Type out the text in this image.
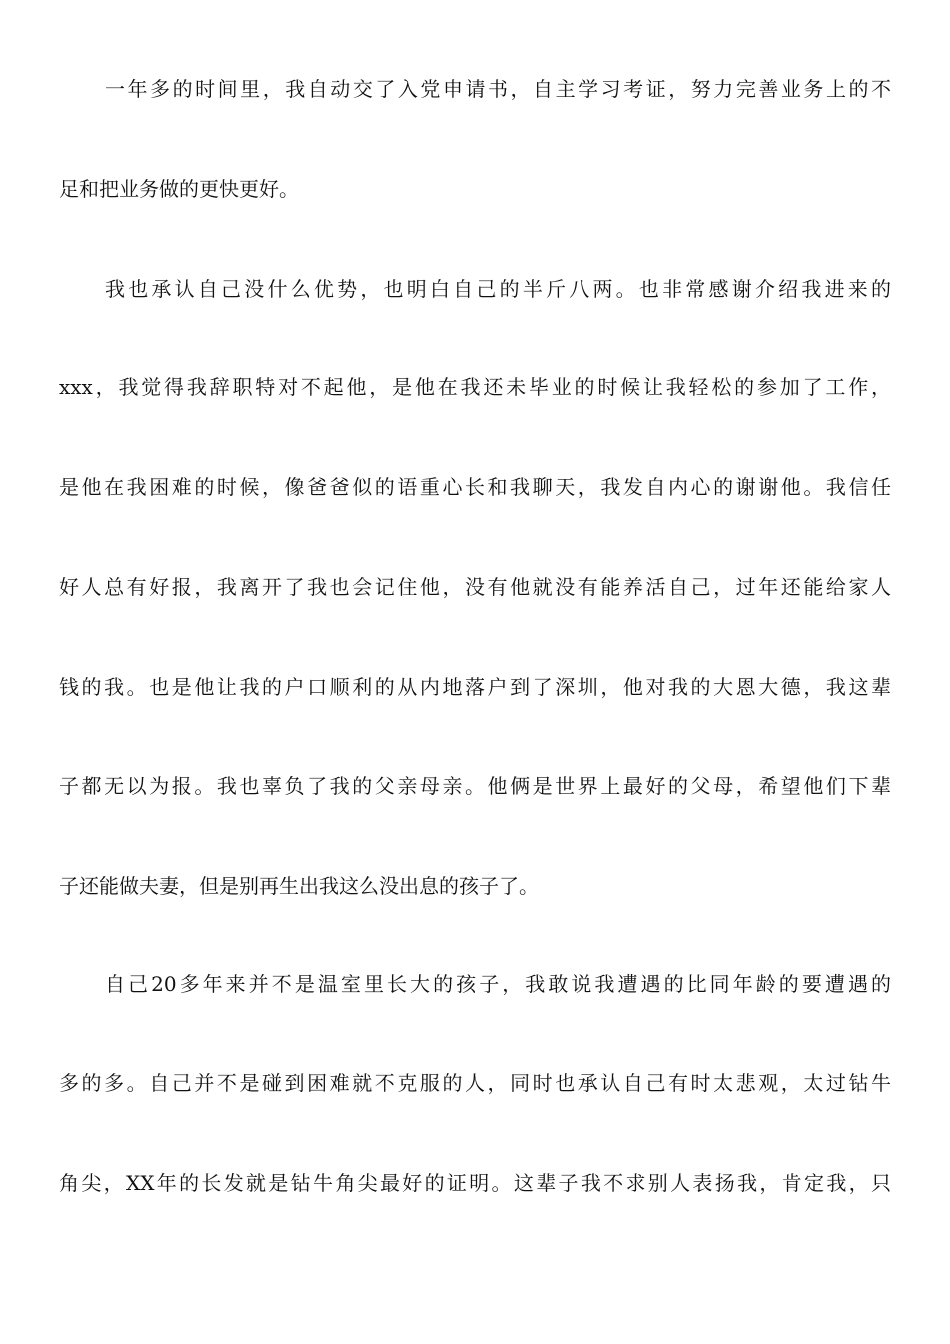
一年多的时间里，我自动交了入党申请书，自主学习考证，努力完善业务上的不
足和把业务做的更快更好。
我也承认自己没什么优势，也明白自己的半斤八两。也非常感谢介绍我进来的
xxx，我觉得我辞职特对不起他，是他在我还未毕业的时候让我轻松的参加了工作，
是他在我困难的时候，像爸爸似的语重心长和我聊天，我发自内心的谢谢他。我信任
好人总有好报，我离开了我也会记住他，没有他就没有能养活自己，过年还能给家人
钱的我。也是他让我的户口顺利的从内地落户到了深圳，他对我的大恩大德，我这辈
子都无以为报。我也辜负了我的父亲母亲。他俩是世界上最好的父母，希望他们下辈
子还能做夫妻，但是别再生出我这么没出息的孩子了。
自己20多年来并不是温室里长大的孩子，我敢说我遭遇的比同年龄的要遭遇的
多的多。自己并不是碰到困难就不克服的人，同时也承认自己有时太悲观，太过钻牛
角尖，XX年的长发就是钻牛角尖最好的证明。这辈子我不求别人表扬我，肯定我，只
